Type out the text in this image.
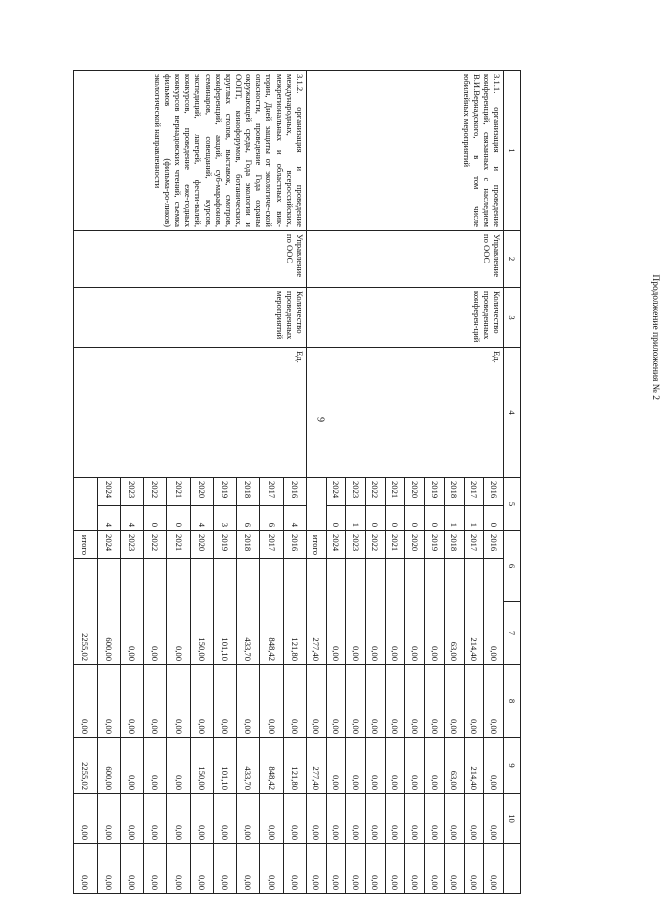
9
Продолжение приложения № 2
1	2	3	4	5		6		7	8	9	10		
3.1.1. организация и проведение конференций, связанных с наследием В.И.Вернадского, в том числе юбилейных мероприятий	Управление по ООС	Количество проведенных конферен-ций	Ед.	2016	0	2016	0,00		0,00	0,00	0,00	0,00	
				2017	1	2017	214,40		0,00	214,40	0,00	0,00	
				2018	1	2018	63,00		0,00	63,00	0,00	0,00	
				2019	0	2019	0,00		0,00	0,00	0,00	0,00	
				2020	0	2020	0,00		0,00	0,00	0,00	0,00	
				2021	0	2021	0,00		0,00	0,00	0,00	0,00	
				2022	0	2022	0,00		0,00	0,00	0,00	0,00	
				2023	1	2023	0,00		0,00	0,00	0,00	0,00	
				2024	0	2024	0,00		0,00	0,00	0,00	0,00	
						итого	277,40		0,00	277,40	0,00	0,00	
3.1.2. организация и проведение международных, всероссийских, межрегиональных и областных вик-торин, Дней защиты от экологиче-ской опасности, проведение Года охраны окружающей среды, Года экологии и ООПТ, кинофорумов, ботанических, круглых столов, выставок, смотров, конференций, акций, суб-марафонов, семинаров, совещаний, курсов, экспедиций, лагерей, фести-валей, конкурсов, проведение еже-годных конкурсов вернадовских чтений, съемка фильмов (фильма-ро-ликов) экологической направленности	Управление по ООС	Количество проведенных мероприятий	Ед.	2016	4	2016	121,80		0,00	121,80	0,00	0,00	
				2017	6	2017	848,42		0,00	848,42	0,00	0,00	
				2018	6	2018	433,70		0,00	433,70	0,00	0,00	
				2019	3	2019	101,10		0,00	101,10	0,00	0,00	
				2020	4	2020	150,00		0,00	150,00	0,00	0,00	
				2021	0	2021	0,00		0,00	0,00	0,00	0,00	
				2022	0	2022	0,00		0,00	0,00	0,00	0,00	
				2023	4	2023	0,00		0,00	0,00	0,00	0,00	
				2024	4	2024	600,00		0,00	600,00	0,00	0,00	
						итого	2255,02		0,00	2255,02	0,00	0,00	
